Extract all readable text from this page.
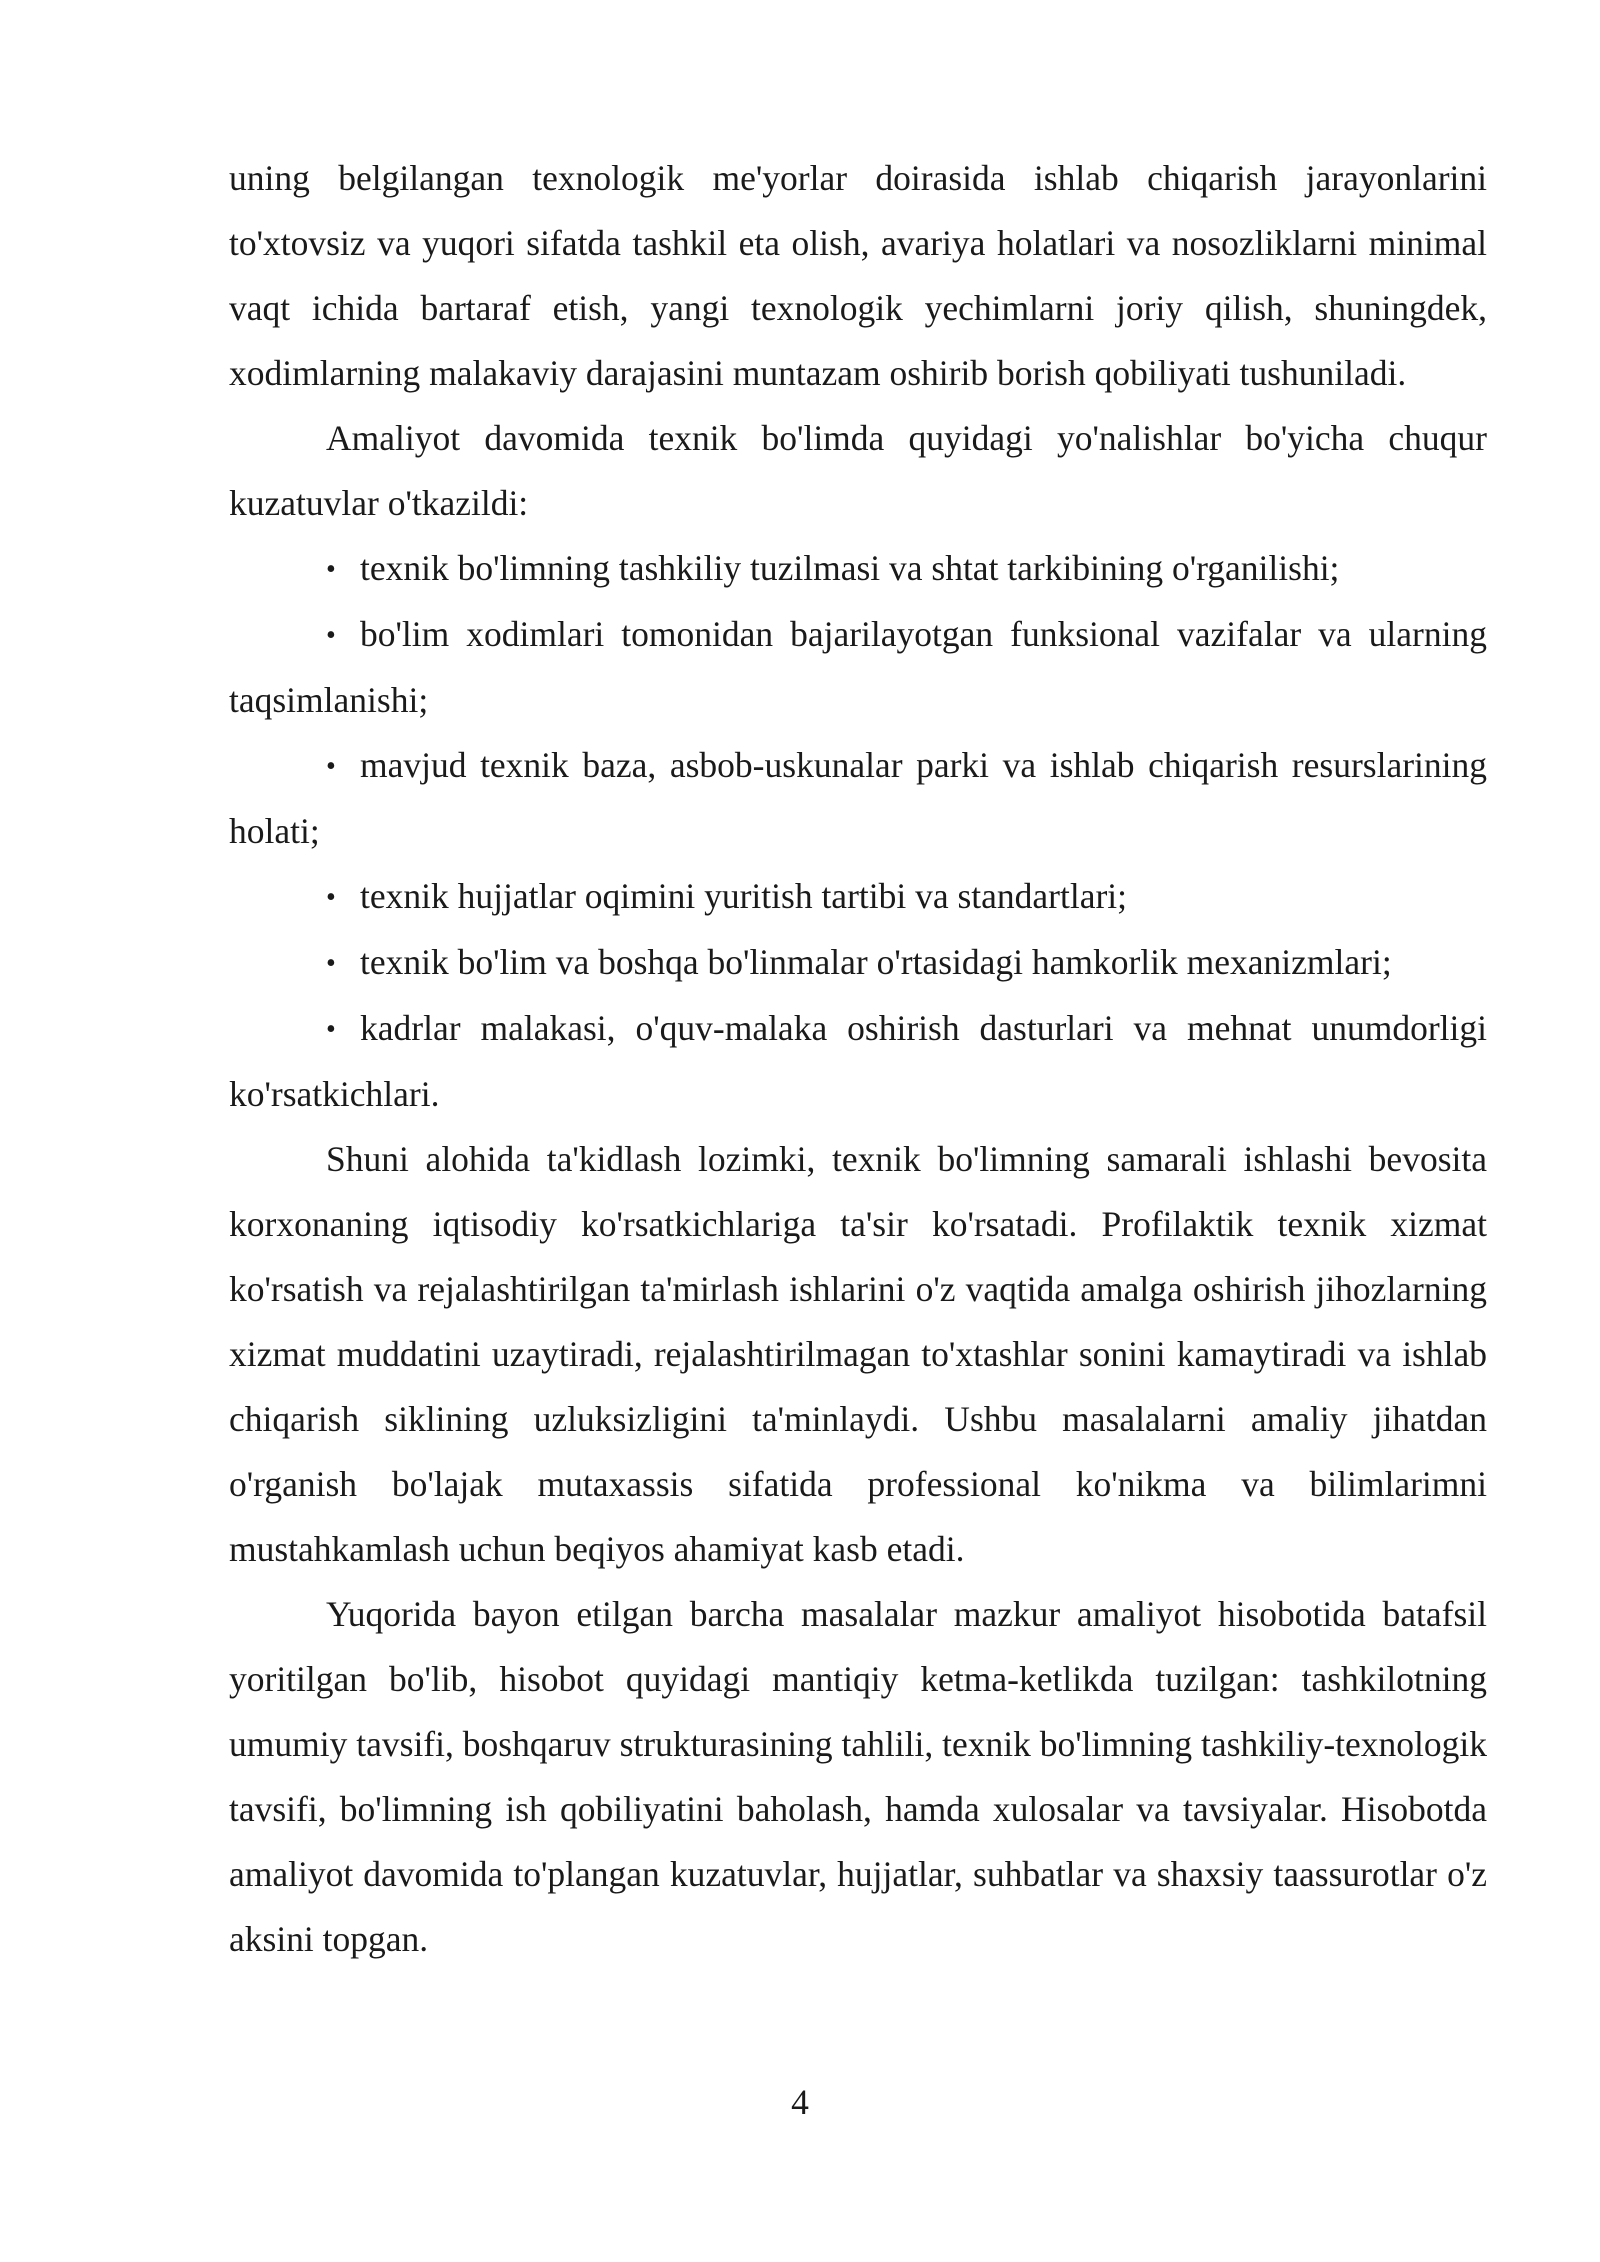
uning belgilangan texnologik me'yorlar doirasida ishlab chiqarish jarayonlarini to'xtovsiz va yuqori sifatda tashkil eta olish, avariya holatlari va nosozliklarni minimal vaqt ichida bartaraf etish, yangi texnologik yechimlarni joriy qilish, shuningdek, xodimlarning malakaviy darajasini muntazam oshirib borish qobiliyati tushuniladi.

Amaliyot davomida texnik bo'limda quyidagi yo'nalishlar bo'yicha chuqur kuzatuvlar o'tkazildi:

• texnik bo'limning tashkiliy tuzilmasi va shtat tarkibining o'rganilishi;

• bo'lim xodimlari tomonidan bajarilayotgan funksional vazifalar va ularning taqsimlanishi;

• mavjud texnik baza, asbob-uskunalar parki va ishlab chiqarish resurslarining holati;

• texnik hujjatlar oqimini yuritish tartibi va standartlari;

• texnik bo'lim va boshqa bo'linmalar o'rtasidagi hamkorlik mexanizmlari;

• kadrlar malakasi, o'quv-malaka oshirish dasturlari va mehnat unumdorligi ko'rsatkichlari.

Shuni alohida ta'kidlash lozimki, texnik bo'limning samarali ishlashi bevosita korxonaning iqtisodiy ko'rsatkichlariga ta'sir ko'rsatadi. Profilaktik texnik xizmat ko'rsatish va rejalashtirilgan ta'mirlash ishlarini o'z vaqtida amalga oshirish jihozlarning xizmat muddatini uzaytiradi, rejalashtirilmagan to'xtashlar sonini kamaytiradi va ishlab chiqarish siklining uzluksizligini ta'minlaydi. Ushbu masalalarni amaliy jihatdan o'rganish bo'lajak mutaxassis sifatida professional ko'nikma va bilimlarimni mustahkamlash uchun beqiyos ahamiyat kasb etadi.

Yuqorida bayon etilgan barcha masalalar mazkur amaliyot hisobotida batafsil yoritilgan bo'lib, hisobot quyidagi mantiqiy ketma-ketlikda tuzilgan: tashkilotning umumiy tavsifi, boshqaruv strukturasining tahlili, texnik bo'limning tashkiliy-texnologik tavsifi, bo'limning ish qobiliyatini baholash, hamda xulosalar va tavsiyalar. Hisobotda amaliyot davomida to'plangan kuzatuvlar, hujjatlar, suhbatlar va shaxsiy taassurotlar o'z aksini topgan.

4
